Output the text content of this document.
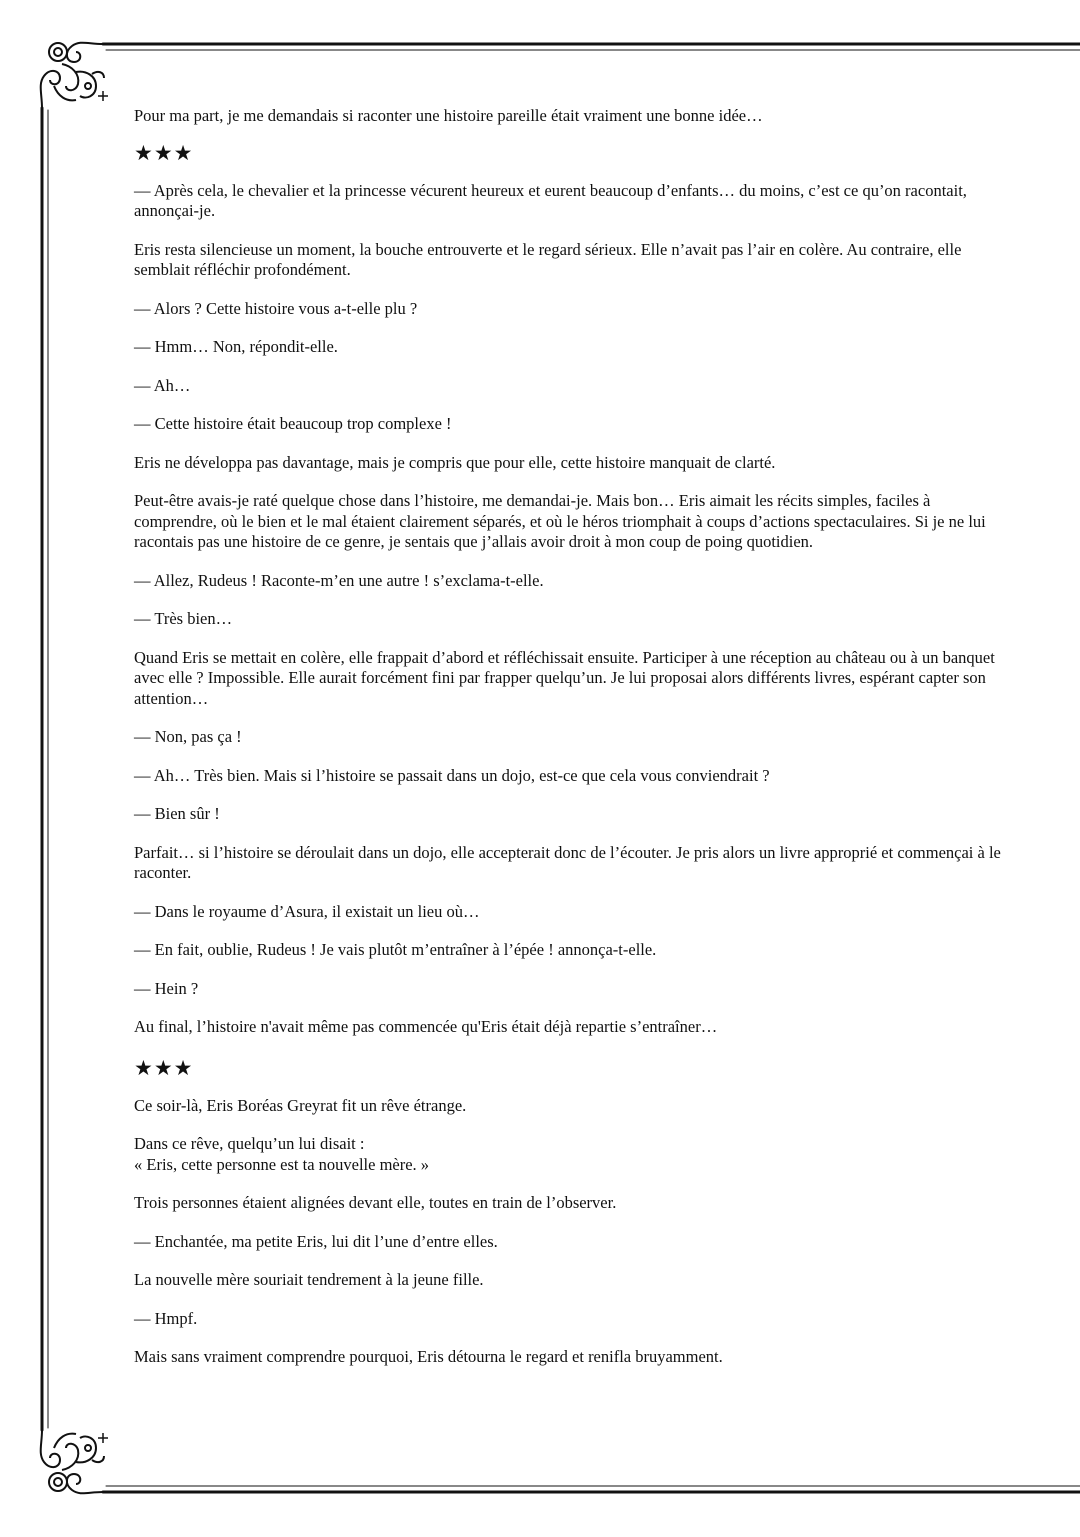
Pour ma part, je me demandais si raconter une histoire pareille était vraiment une bonne idée…

★★★

— Après cela, le chevalier et la princesse vécurent heureux et eurent beaucoup d’enfants… du moins, c’est ce qu’on racontait, annonçai-je.

Eris resta silencieuse un moment, la bouche entrouverte et le regard sérieux. Elle n’avait pas l’air en colère. Au contraire, elle semblait réfléchir profondément.

— Alors ? Cette histoire vous a-t-elle plu ?

— Hmm… Non, répondit-elle.

— Ah…

— Cette histoire était beaucoup trop complexe !

Eris ne développa pas davantage, mais je compris que pour elle, cette histoire manquait de clarté.

Peut-être avais-je raté quelque chose dans l’histoire, me demandai-je. Mais bon… Eris aimait les récits simples, faciles à comprendre, où le bien et le mal étaient clairement séparés, et où le héros triomphait à coups d’actions spectaculaires. Si je ne lui racontais pas une histoire de ce genre, je sentais que j’allais avoir droit à mon coup de poing quotidien.

— Allez, Rudeus ! Raconte-m’en une autre ! s’exclama-t-elle.

— Très bien…

Quand Eris se mettait en colère, elle frappait d’abord et réfléchissait ensuite. Participer à une réception au château ou à un banquet avec elle ? Impossible. Elle aurait forcément fini par frapper quelqu’un. Je lui proposai alors différents livres, espérant capter son attention…

— Non, pas ça !

— Ah… Très bien. Mais si l’histoire se passait dans un dojo, est-ce que cela vous conviendrait ?

— Bien sûr !

Parfait… si l’histoire se déroulait dans un dojo, elle accepterait donc de l’écouter. Je pris alors un livre approprié et commençai à le raconter.

— Dans le royaume d’Asura, il existait un lieu où…

— En fait, oublie, Rudeus ! Je vais plutôt m’entraîner à l’épée ! annonça-t-elle.

— Hein ?

Au final, l’histoire n'avait même pas commencée qu'Eris était déjà repartie s’entraîner…

★★★

Ce soir-là, Eris Boréas Greyrat fit un rêve étrange.

Dans ce rêve, quelqu’un lui disait :
« Eris, cette personne est ta nouvelle mère. »

Trois personnes étaient alignées devant elle, toutes en train de l’observer.

— Enchantée, ma petite Eris, lui dit l’une d’entre elles.

La nouvelle mère souriait tendrement à la jeune fille.

— Hmpf.

Mais sans vraiment comprendre pourquoi, Eris détourna le regard et renifla bruyamment.
